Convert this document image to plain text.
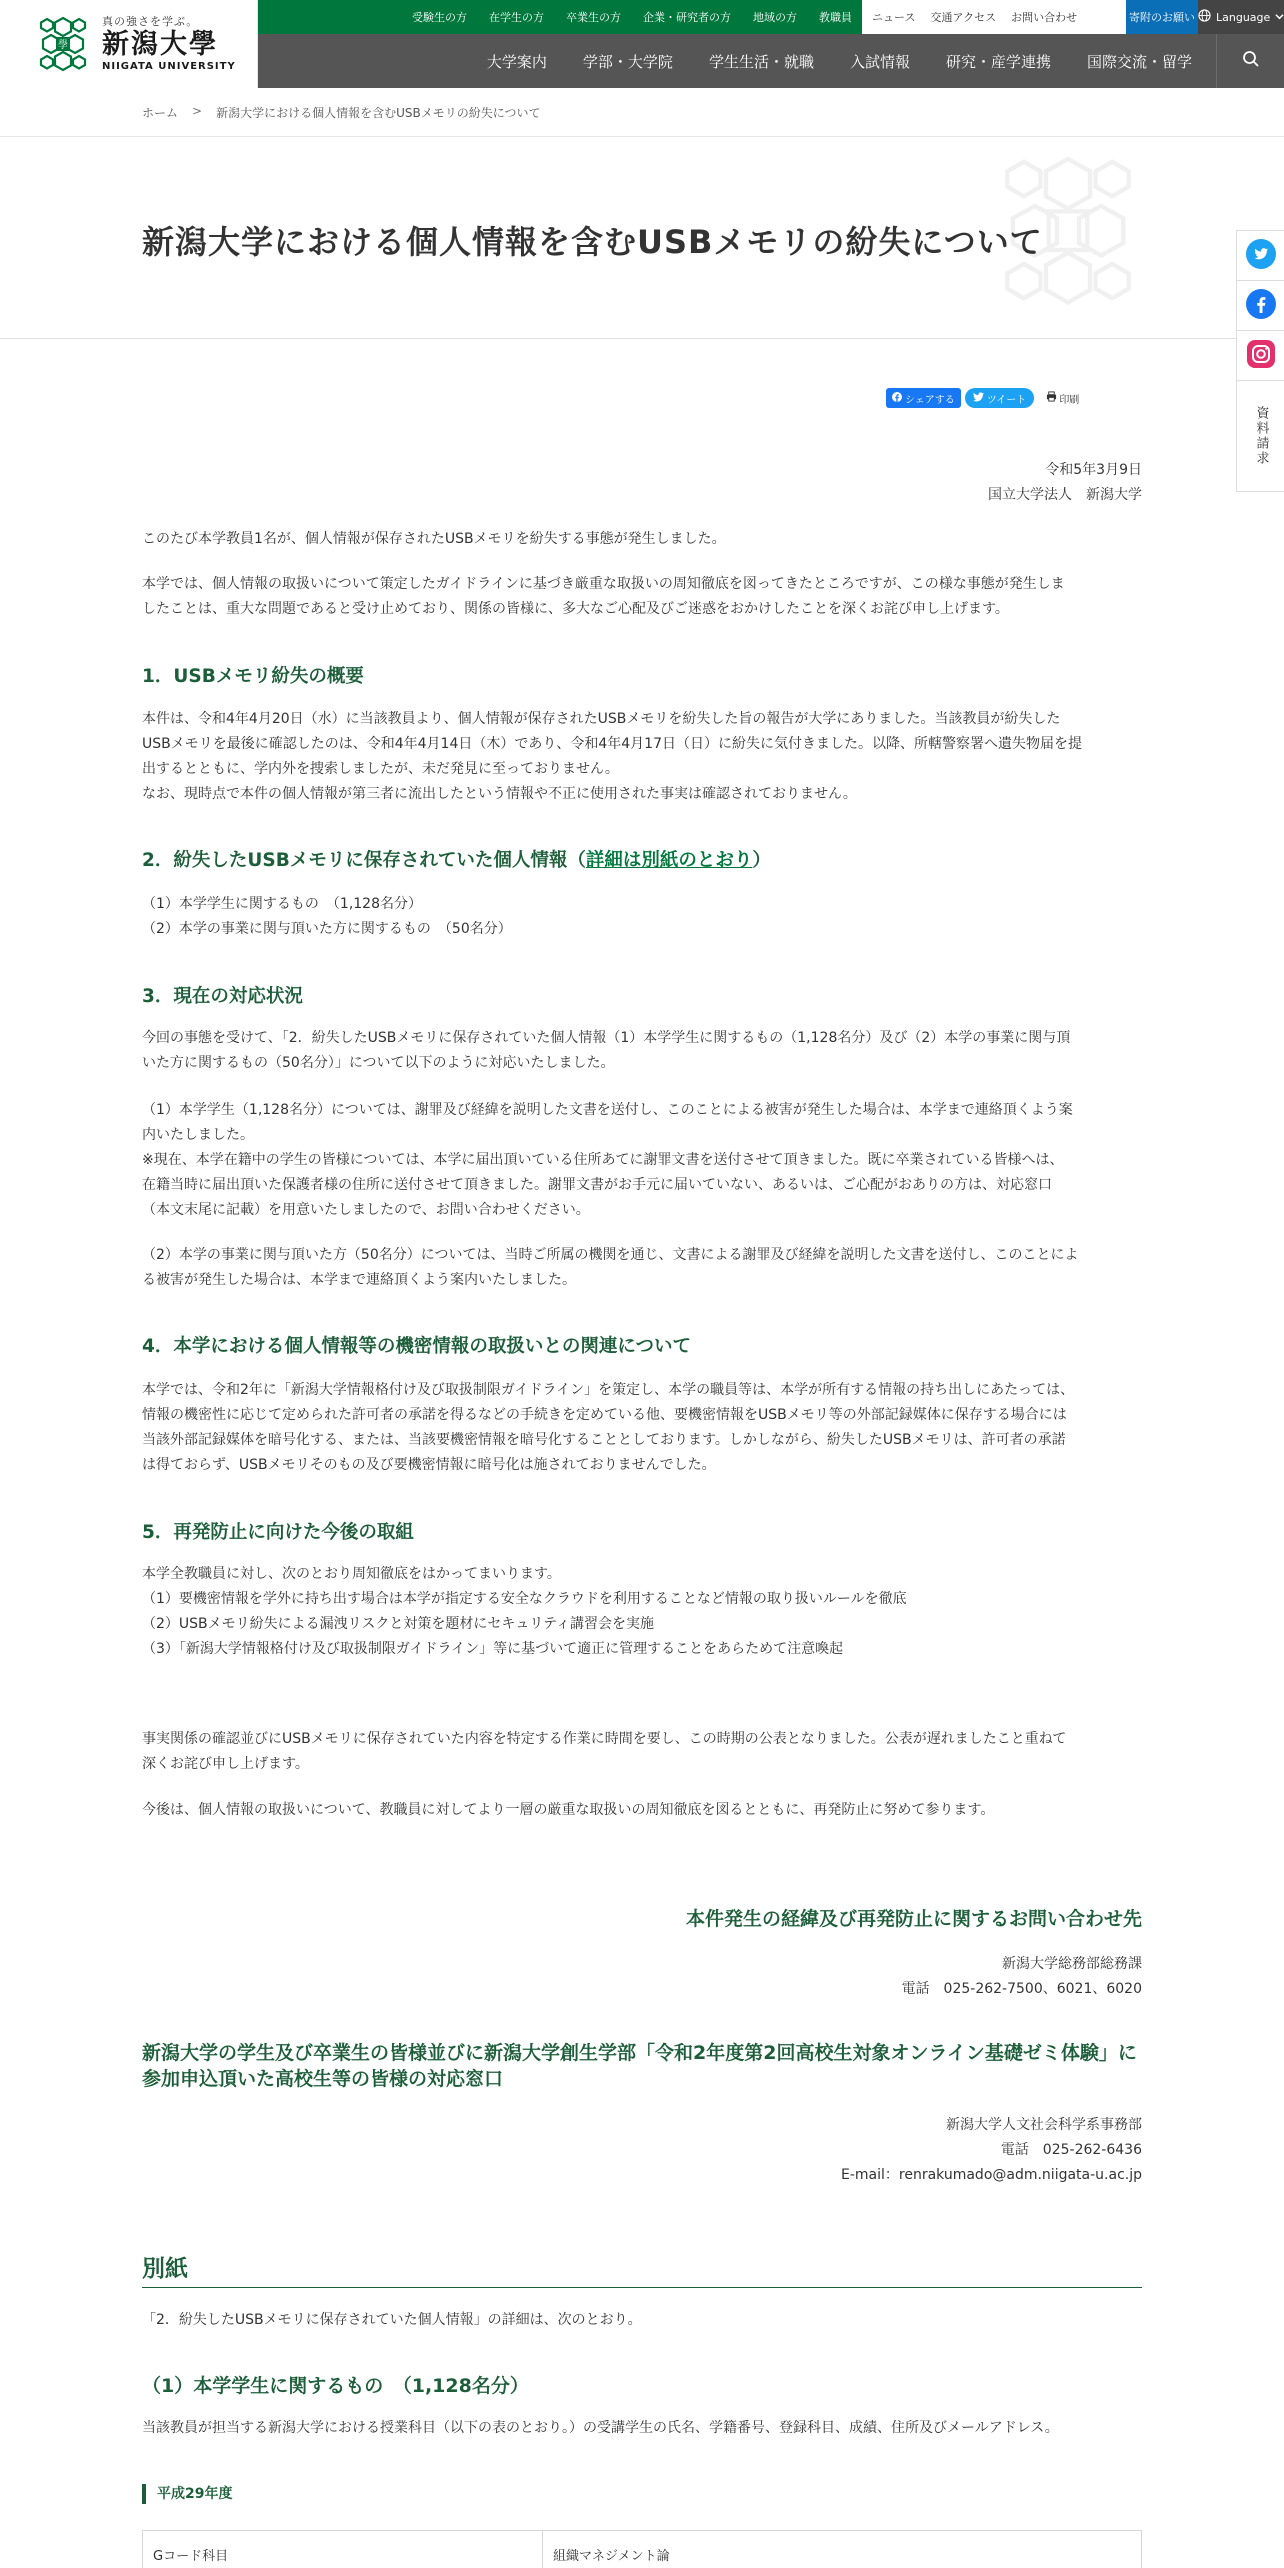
學
真の強さを学ぶ。
新潟大學
NIIGATA UNIVERSITY
受験生の方 在学生の方 卒業生の方 企業・研究者の方 地域の方 教職員 ニュース 交通アクセス お問い合わせ	寄附のお願い Language
大学案内	学部・大学院	学生生活・就職	入試情報	研究・産学連携	国際交流・留学
ホーム > 新潟大学における個人情報を含むUSBメモリの紛失について
新潟大学における個人情報を含むUSBメモリの紛失について
資料請求
シェアする	ツイート	印刷
令和5年3月9日
国立大学法人　新潟大学
このたび本学教員1名が、個人情報が保存されたUSBメモリを紛失する事態が発生しました。
本学では、個人情報の取扱いについて策定したガイドラインに基づき厳重な取扱いの周知徹底を図ってきたところですが、この様な事態が発生しま
したことは、重大な問題であると受け止めており、関係の皆様に、多大なご心配及びご迷惑をおかけしたことを深くお詫び申し上げます。
1．USBメモリ紛失の概要
本件は、令和4年4月20日（水）に当該教員より、個人情報が保存されたUSBメモリを紛失した旨の報告が大学にありました。当該教員が紛失した
USBメモリを最後に確認したのは、令和4年4月14日（木）であり、令和4年4月17日（日）に紛失に気付きました。以降、所轄警察署へ遺失物届を提
出するとともに、学内外を捜索しましたが、未だ発見に至っておりません。
なお、現時点で本件の個人情報が第三者に流出したという情報や不正に使用された事実は確認されておりません。
2．紛失したUSBメモリに保存されていた個人情報（詳細は別紙のとおり）
（1）本学学生に関するもの　（1,128名分）
（2）本学の事業に関与頂いた方に関するもの　（50名分）
3．現在の対応状況
今回の事態を受けて、「2．紛失したUSBメモリに保存されていた個人情報（1）本学学生に関するもの（1,128名分）及び（2）本学の事業に関与頂
いた方に関するもの（50名分）」について以下のように対応いたしました。
（1）本学学生（1,128名分）については、謝罪及び経緯を説明した文書を送付し、このことによる被害が発生した場合は、本学まで連絡頂くよう案
内いたしました。
※現在、本学在籍中の学生の皆様については、本学に届出頂いている住所あてに謝罪文書を送付させて頂きました。既に卒業されている皆様へは、
在籍当時に届出頂いた保護者様の住所に送付させて頂きました。謝罪文書がお手元に届いていない、あるいは、ご心配がおありの方は、対応窓口
（本文末尾に記載）を用意いたしましたので、お問い合わせください。
（2）本学の事業に関与頂いた方（50名分）については、当時ご所属の機関を通じ、文書による謝罪及び経緯を説明した文書を送付し、このことによ
る被害が発生した場合は、本学まで連絡頂くよう案内いたしました。
4．本学における個人情報等の機密情報の取扱いとの関連について
本学では、令和2年に「新潟大学情報格付け及び取扱制限ガイドライン」を策定し、本学の職員等は、本学が所有する情報の持ち出しにあたっては、
情報の機密性に応じて定められた許可者の承諾を得るなどの手続きを定めている他、要機密情報をUSBメモリ等の外部記録媒体に保存する場合には
当該外部記録媒体を暗号化する、または、当該要機密情報を暗号化することとしております。しかしながら、紛失したUSBメモリは、許可者の承諾
は得ておらず、USBメモリそのもの及び要機密情報に暗号化は施されておりませんでした。
5．再発防止に向けた今後の取組
本学全教職員に対し、次のとおり周知徹底をはかってまいります。
（1）要機密情報を学外に持ち出す場合は本学が指定する安全なクラウドを利用することなど情報の取り扱いルールを徹底
（2）USBメモリ紛失による漏洩リスクと対策を題材にセキュリティ講習会を実施
（3）「新潟大学情報格付け及び取扱制限ガイドライン」等に基づいて適正に管理することをあらためて注意喚起
事実関係の確認並びにUSBメモリに保存されていた内容を特定する作業に時間を要し、この時期の公表となりました。公表が遅れましたこと重ねて
深くお詫び申し上げます。
今後は、個人情報の取扱いについて、教職員に対してより一層の厳重な取扱いの周知徹底を図るとともに、再発防止に努めて参ります。
本件発生の経緯及び再発防止に関するお問い合わせ先
新潟大学総務部総務課
電話　025-262-7500、6021、6020
新潟大学の学生及び卒業生の皆様並びに新潟大学創生学部「令和2年度第2回高校生対象オンライン基礎ゼミ体験」に
参加申込頂いた高校生等の皆様の対応窓口
新潟大学人文社会科学系事務部
電話　025-262-6436
E-mail：renrakumado@adm.niigata-u.ac.jp
別紙
「2．紛失したUSBメモリに保存されていた個人情報」の詳細は、次のとおり。
（1）本学学生に関するもの　（1,128名分）
当該教員が担当する新潟大学における授業科目（以下の表のとおり。）の受講学生の氏名、学籍番号、登録科目、成績、住所及びメールアドレス。
平成29年度
Gコード科目	組織マネジメント論
